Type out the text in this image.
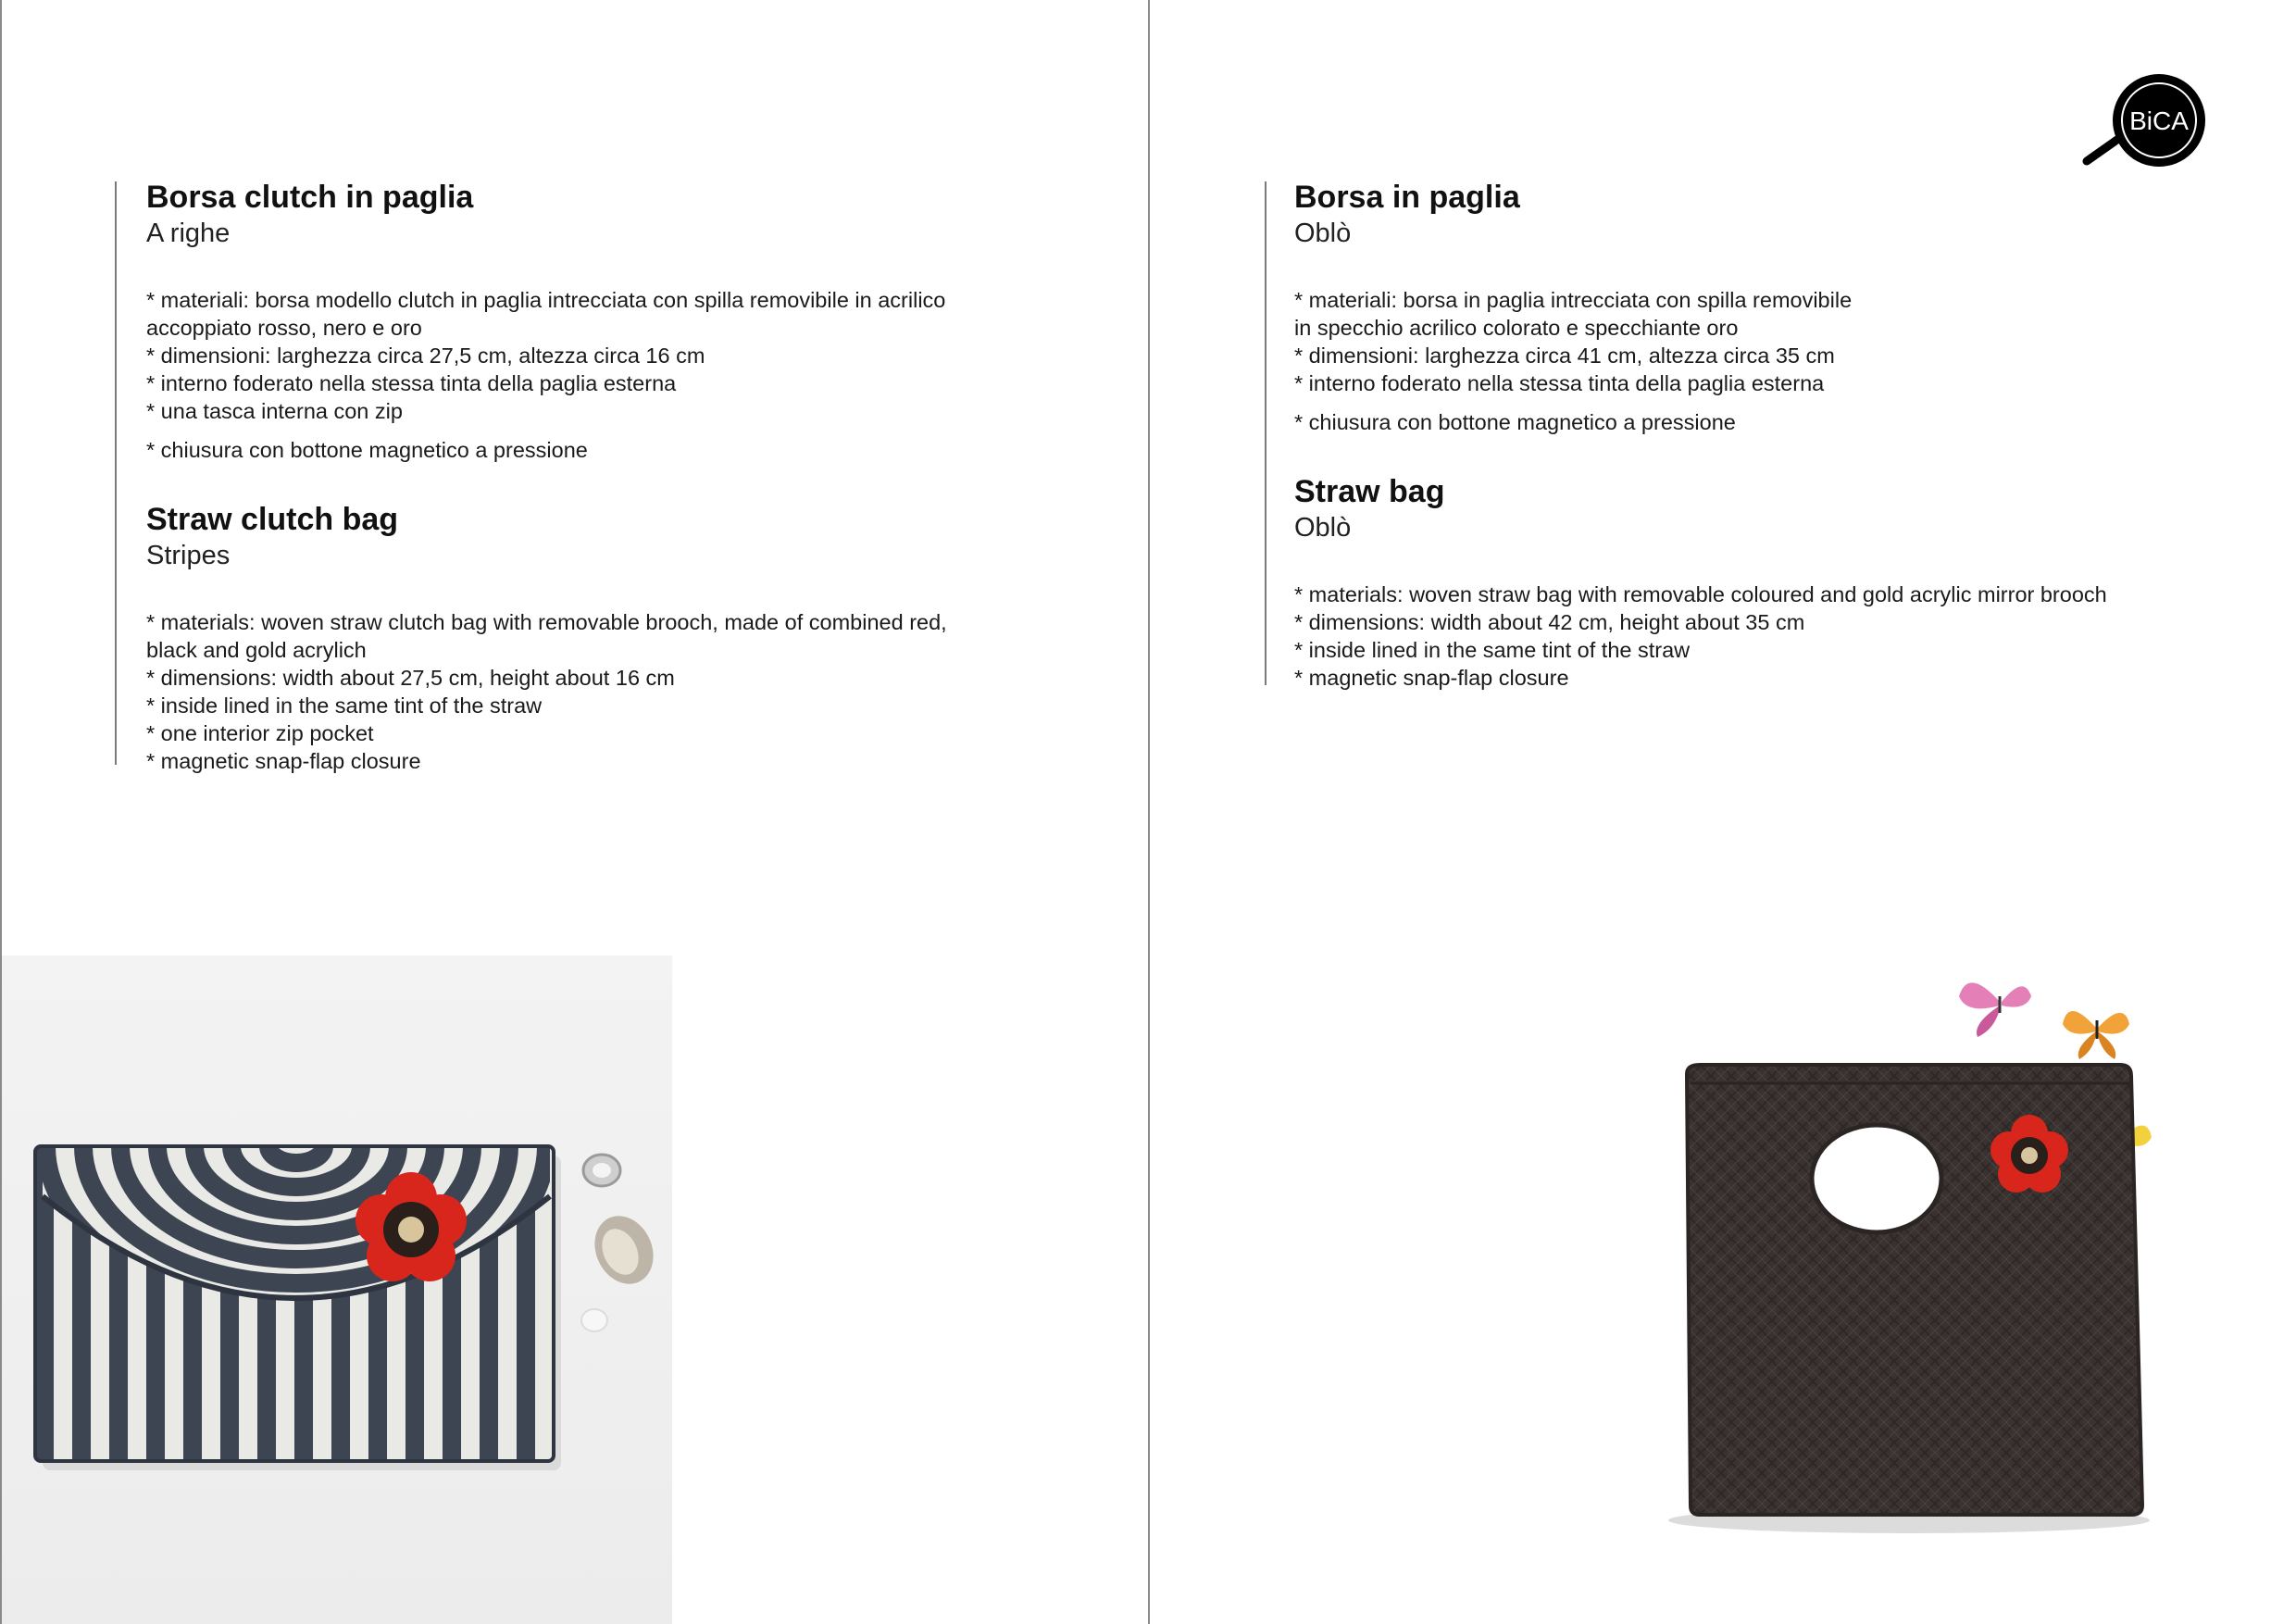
Borsa clutch in paglia

A righe

* materiali: borsa modello clutch in paglia intrecciata con spilla removibile in acrilico
accoppiato rosso, nero e oro
* dimensioni: larghezza circa 27,5 cm, altezza circa 16 cm
* interno foderato nella stessa tinta della paglia esterna
* una tasca interna con zip
* chiusura con bottone magnetico a pressione

Straw clutch bag

Stripes

* materials: woven straw clutch bag with removable brooch, made of combined red,
black and gold acrylich
* dimensions: width about 27,5 cm, height about 16 cm
* inside lined in the same tint of the straw
* one interior zip pocket
* magnetic snap-flap closure

Borsa in paglia

Oblò

* materiali: borsa in paglia intrecciata con spilla removibile
in specchio acrilico colorato e specchiante oro
* dimensioni: larghezza circa 41 cm, altezza circa 35 cm
* interno foderato nella stessa tinta della paglia esterna
* chiusura con bottone magnetico a pressione

Straw bag

Oblò

* materials: woven straw bag with removable coloured and gold acrylic mirror brooch
* dimensions: width about 42 cm, height about 35 cm
* inside lined in the same tint of the straw
* magnetic snap-flap closure
BiCA
